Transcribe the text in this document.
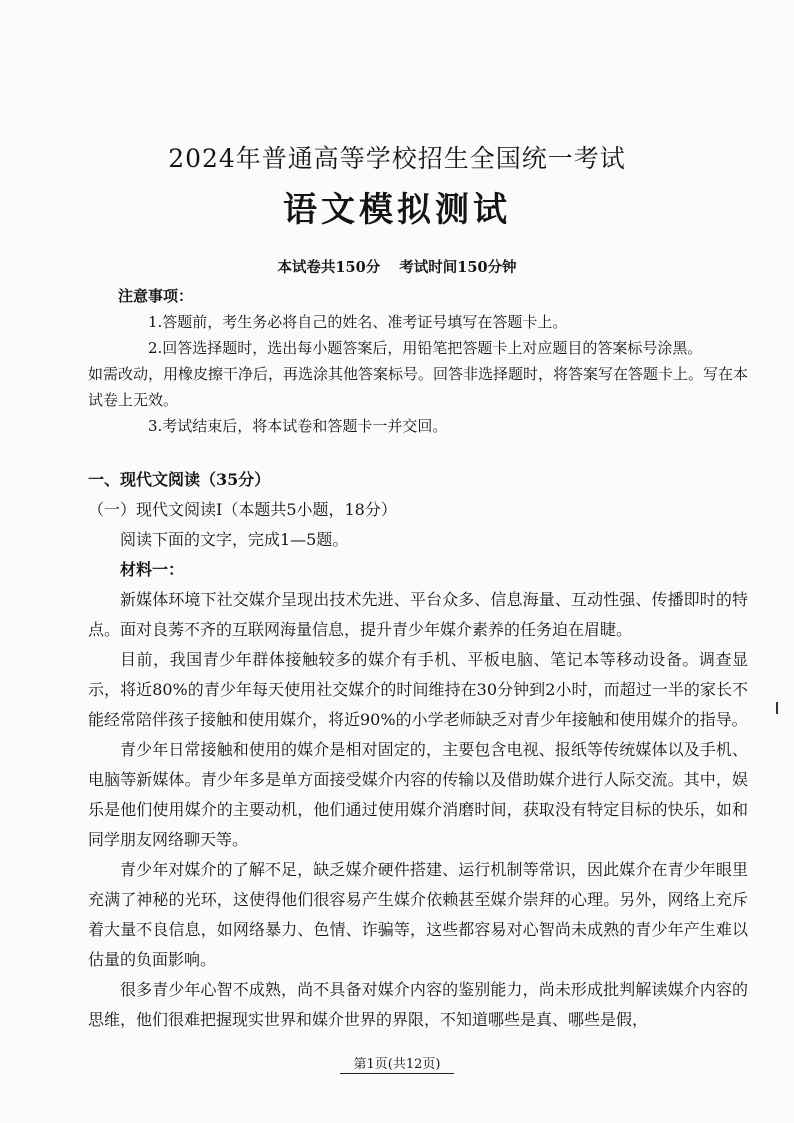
2024年普通高等学校招生全国统一考试
语文模拟测试
本试卷共150分 考试时间150分钟
注意事项：

1.答题前，考生务必将自己的姓名、准考证号填写在答题卡上。

2.回答选择题时，选出每小题答案后，用铅笔把答题卡上对应题目的答案标号涂黑。

如需改动，用橡皮擦干净后，再选涂其他答案标号。回答非选择题时，将答案写在答题卡上。写在本试卷上无效。

3.考试结束后，将本试卷和答题卡一并交回。

一、现代文阅读（35分）

（一）现代文阅读Ⅰ（本题共5小题，18分）

阅读下面的文字，完成1—5题。

材料一：

新媒体环境下社交媒介呈现出技术先进、平台众多、信息海量、互动性强、传播即时的特点。面对良莠不齐的互联网海量信息，提升青少年媒介素养的任务迫在眉睫。

目前，我国青少年群体接触较多的媒介有手机、平板电脑、笔记本等移动设备。调查显示，将近80%的青少年每天使用社交媒介的时间维持在30分钟到2小时，而超过一半的家长不能经常陪伴孩子接触和使用媒介，将近90%的小学老师缺乏对青少年接触和使用媒介的指导。

青少年日常接触和使用的媒介是相对固定的，主要包含电视、报纸等传统媒体以及手机、电脑等新媒体。青少年多是单方面接受媒介内容的传输以及借助媒介进行人际交流。其中，娱乐是他们使用媒介的主要动机，他们通过使用媒介消磨时间，获取没有特定目标的快乐，如和同学朋友网络聊天等。

青少年对媒介的了解不足，缺乏媒介硬件搭建、运行机制等常识，因此媒介在青少年眼里充满了神秘的光环，这使得他们很容易产生媒介依赖甚至媒介崇拜的心理。另外，网络上充斥着大量不良信息，如网络暴力、色情、诈骗等，这些都容易对心智尚未成熟的青少年产生难以估量的负面影响。

很多青少年心智不成熟，尚不具备对媒介内容的鉴别能力，尚未形成批判解读媒介内容的思维，他们很难把握现实世界和媒介世界的界限，不知道哪些是真、哪些是假，

第1页(共12页)
